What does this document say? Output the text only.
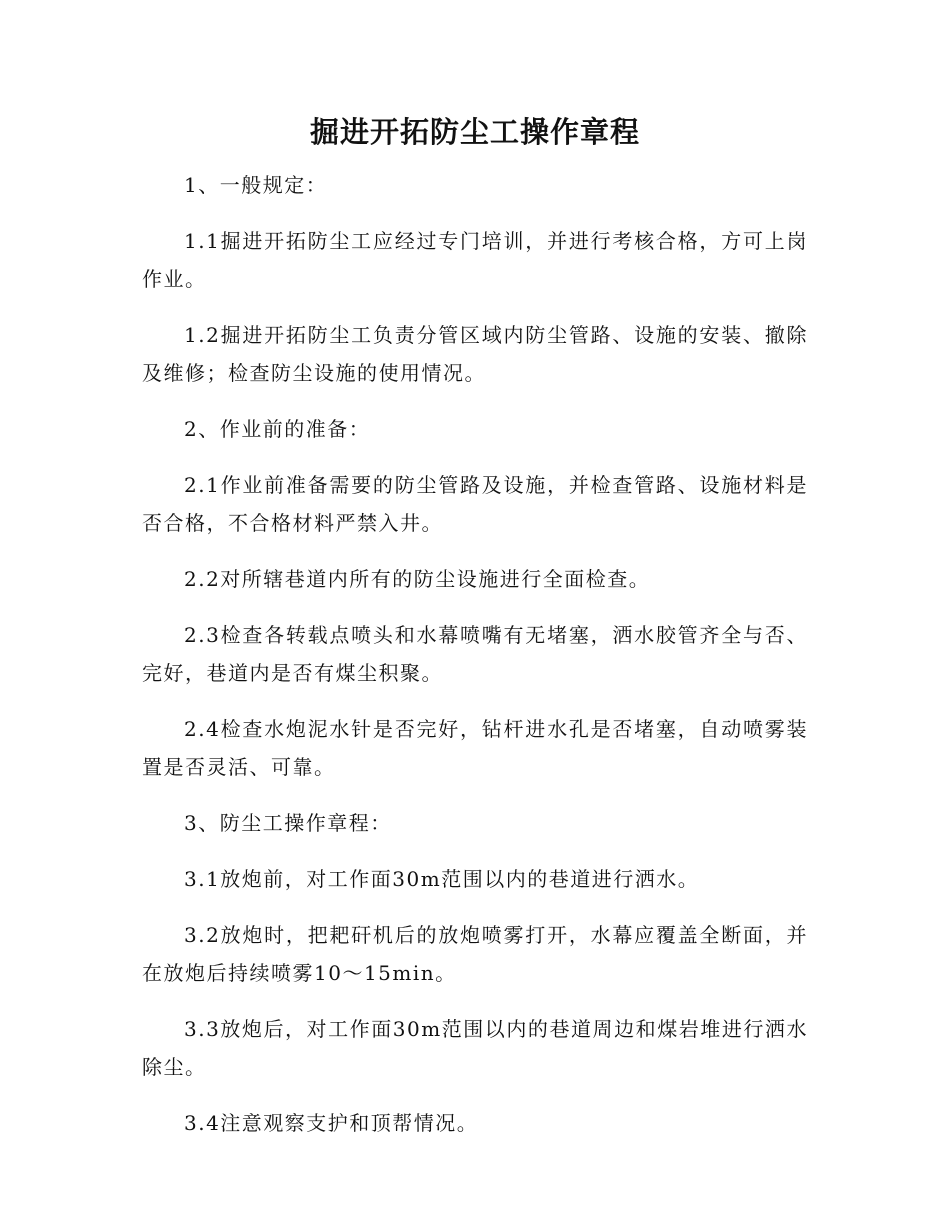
掘进开拓防尘工操作章程

1、一般规定：

1.1掘进开拓防尘工应经过专门培训，并进行考核合格，方可上岗作业。

1.2掘进开拓防尘工负责分管区域内防尘管路、设施的安装、撤除及维修；检查防尘设施的使用情况。

2、作业前的准备：

2.1作业前准备需要的防尘管路及设施，并检查管路、设施材料是否合格，不合格材料严禁入井。

2.2对所辖巷道内所有的防尘设施进行全面检查。

2.3检查各转载点喷头和水幕喷嘴有无堵塞，洒水胶管齐全与否、完好，巷道内是否有煤尘积聚。

2.4检查水炮泥水针是否完好，钻杆进水孔是否堵塞，自动喷雾装置是否灵活、可靠。

3、防尘工操作章程：

3.1放炮前，对工作面30m范围以内的巷道进行洒水。

3.2放炮时，把耙矸机后的放炮喷雾打开，水幕应覆盖全断面，并在放炮后持续喷雾10～15min。

3.3放炮后，对工作面30m范围以内的巷道周边和煤岩堆进行洒水除尘。

3.4注意观察支护和顶帮情况。
